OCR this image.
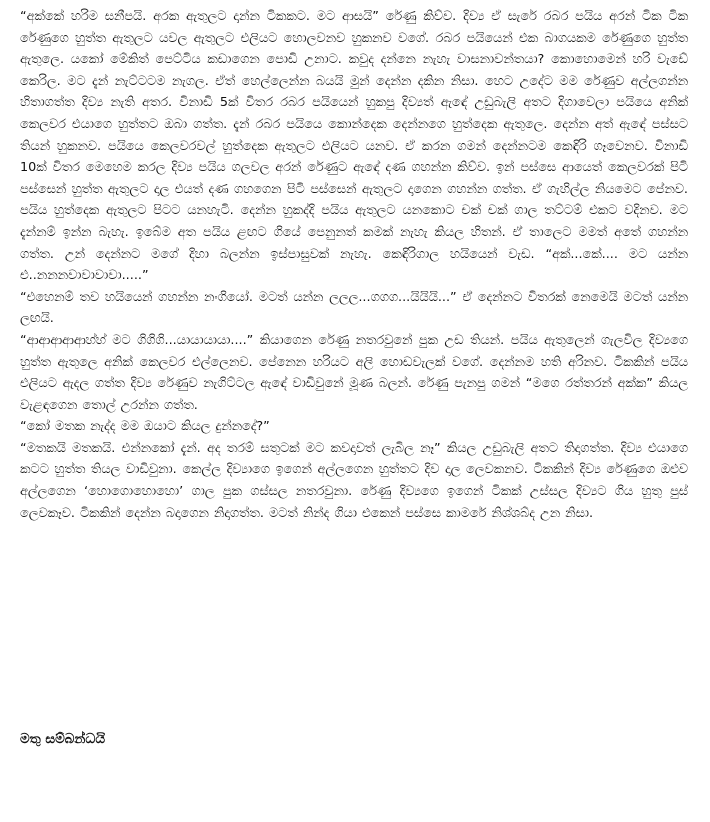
“අක්කේ හරිම සනීපයි. අරක ඇතුලට දාන්න ටිකකට. මට ආසයි” රේණු කිව්ව. දිව්‍ය ඒ සැරේ රබර පයිය අරන් ටික ටික රේණුගෙ හුත්ත ඇතුලට යවල ඇතුලට එලියට හොලවනව හුකනව වගේ. රබර පයියෙන් එක බාගයකම රේණුගෙ හුත්ත ඇතුලෙ. යකෝ මේකිත් පෙට්ටිය කඩාගෙන පොඩි උනාට. කවුද දන්නෙ නැහැ වාසනාවන්තයා? කොහොමෙන් හරි වැඩේ කෙරිල. මට දැන් නැට්ටටම නැගල. ඒත් හෙල්ලෙන්න බයයි මුන් දෙන්න දකින නිසා. හෙට උදේට මම රේණුව අල්ලගන්න හිතාගත්ත දිව්‍ය නැති අතර. විනාඩි 5ක් විතර රබර පයියෙන් හුකපු දිව්‍යත් ඇඳේ උඩුබැලි අතට දිගාවෙලා පයියෙ අනික් කෙලවර එයාගෙ හුත්තට ඔබා ගත්ත. දැන් රබර පයියෙ කොන්දෙක දෙන්නගෙ හුත්දෙක ඇතුලෙ. දෙන්න අත් ඇඳේ පස්සට තියන් හුකනව. පයියෙ කෙලවරවල් හුත්දෙක ඇතුලට එලියට යනව. ඒ කරන ගමන් දෙන්නටම කෙඳිරි ගෑවෙනව. විනාඩි 10ක් විතර මෙහෙම කරල දිව්‍ය පයිය ගලවල අරන් රේණුට ඇඳේ දණ ගහන්න කිව්ව. ඉන් පස්සෙ ආයෙත් කෙලවරක් පිටි පස්සෙන් හුත්ත ඇතුලට දාල එයත් දණ ගහගෙන පිටි පස්සෙන් ඇතුලට දාගෙන ගහන්න ගත්ත. ඒ ගැහිල්ල නියමෙට පේනව. පයිය හුත්දෙක ඇතුලට පිටට යනහැටි. දෙන්න හුකද්දි පයිය ඇතුලට යනකොට චක් චක් ගාල තට්ටම් එකට වදිනව. මට දැන්නම් ඉන්න බැහැ. ඉබේම අත පයිය ළඟට ගියේ පෙනුනත් කමක් නැහැ කියල හිතන්. ඒ තාලෙට මමත් අතේ ගහන්න ගත්ත. උන් දෙන්නට මගේ දිහා බලන්න ඉස්පාසුවක් නැහැ. කෙඳිරිගාල හයියෙන් වැඩ. “අක්...කේ.... මට යන්න එ..නනනවාවාවාවා.....”

“එහෙනම් තව හයියෙන් ගහන්න නංගියෝ. මටත් යන්න ලලල...ගගග...යියියි...” ඒ දෙන්නට විතරක් නෙමෙයි මටත් යන්න ලඟයි.

“ආආආආආහ්හ් මට ගිගිගි...යායායායා....” කියාගෙන රේණු නතරවුනේ පුක උඩ තියන්. පයිය ඇතුලෙන් ගැලවිල දිව්‍යගෙ හුත්ත ඇතුලෙ අනික් කෙලවර එල්ලෙනව. පේනෙන හරියට අලි හොඩවැලක් වගේ. දෙන්නම හති අරිනව. ටිකකින් පයිය එලියට ඇදල ගත්ත දිව්‍ය රේණුව නැගිට්ටල ඇඳේ වාඩිවුනේ මූණ බලන්. රේණු පැනපු ගමන් “මගෙ රත්තරන් අක්ක” කියල වැළඳගෙන තොල් උරන්න ගත්ත.

“කෝ මතක නැද්ද මම ඔයාට කියල දුන්නදේ?”

“මතකයි මතකයි. එන්නකෝ දැන්. අද තරම් සතුටක් මට කවදාවත් ලැබිල නෑ” කියල උඩුබැලි අතට තිදාගත්ත. දිව්‍ය එයාගෙ කටට හුත්ත තියල වාඩිවුනා. කෙල්ල දිව්‍යාගෙ ඉගෙන් අල්ලගෙන හුත්තට දිව දාල ලෙවකනව. ටිකකින් දිව්‍ය රේණුගෙ ඔළුව අල්ලගෙන ‘හොගොහොහො’ ගාල පුක ගස්සල නතරවුනා. රේණු දිව්‍යගෙ ඉගෙන් ටිකක් උස්සල දිව්‍යට ගිය හුතු පුස් ලෙවකෑව. ටිකකින් දෙන්න බදාගෙන නිදාගත්ත. මටත් නින්ද ගියා එකෙන් පස්සෙ කාමරේ නිශ්ශබ්ද උන නිසා.

මතු සම්බන්ධයි
